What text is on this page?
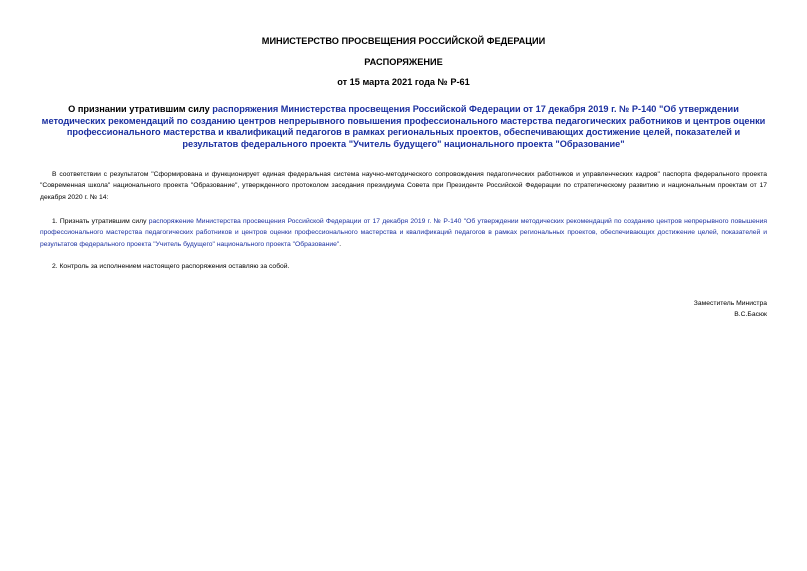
МИНИСТЕРСТВО ПРОСВЕЩЕНИЯ РОССИЙСКОЙ ФЕДЕРАЦИИ
РАСПОРЯЖЕНИЕ
от 15 марта 2021 года № Р-61
О признании утратившим силу распоряжения Министерства просвещения Российской Федерации от 17 декабря 2019 г. № Р-140 "Об утверждении методических рекомендаций по созданию центров непрерывного повышения профессионального мастерства педагогических работников и центров оценки профессионального мастерства и квалификаций педагогов в рамках региональных проектов, обеспечивающих достижение целей, показателей и результатов федерального проекта "Учитель будущего" национального проекта "Образование"
В соответствии с результатом "Сформирована и функционирует единая федеральная система научно-методического сопровождения педагогических работников и управленческих кадров" паспорта федерального проекта "Современная школа" национального проекта "Образование", утвержденного протоколом заседания президиума Совета при Президенте Российской Федерации по стратегическому развитию и национальным проектам от 17 декабря 2020 г. № 14:
1. Признать утратившим силу распоряжение Министерства просвещения Российской Федерации от 17 декабря 2019 г. № Р-140 "Об утверждении методических рекомендаций по созданию центров непрерывного повышения профессионального мастерства педагогических работников и центров оценки профессионального мастерства и квалификаций педагогов в рамках региональных проектов, обеспечивающих достижение целей, показателей и результатов федерального проекта "Учитель будущего" национального проекта "Образование".
2. Контроль за исполнением настоящего распоряжения оставляю за собой.
Заместитель Министра
В.С.Басюк
